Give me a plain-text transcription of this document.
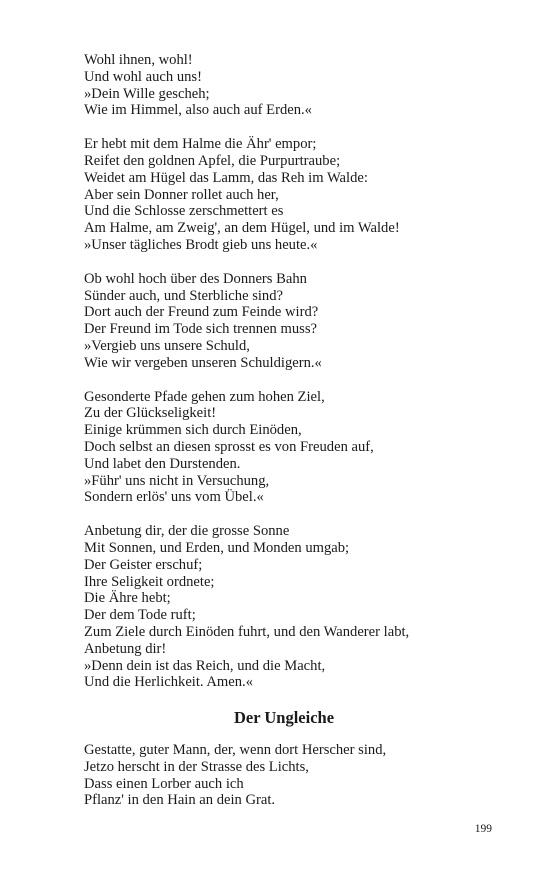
Wohl ihnen, wohl!
Und wohl auch uns!
»Dein Wille gescheh;
Wie im Himmel, also auch auf Erden.«
Er hebt mit dem Halme die Ähr' empor;
Reifet den goldnen Apfel, die Purpurtraube;
Weidet am Hügel das Lamm, das Reh im Walde:
Aber sein Donner rollet auch her,
Und die Schlosse zerschmettert es
Am Halme, am Zweig', an dem Hügel, und im Walde!
»Unser tägliches Brodt gieb uns heute.«
Ob wohl hoch über des Donners Bahn
Sünder auch, und Sterbliche sind?
Dort auch der Freund zum Feinde wird?
Der Freund im Tode sich trennen muss?
»Vergieb uns unsere Schuld,
Wie wir vergeben unseren Schuldigern.«
Gesonderte Pfade gehen zum hohen Ziel,
Zu der Glückseligkeit!
Einige krümmen sich durch Einöden,
Doch selbst an diesen sprosst es von Freuden auf,
Und labet den Durstenden.
»Führ' uns nicht in Versuchung,
Sondern erlös' uns vom Übel.«
Anbetung dir, der die grosse Sonne
Mit Sonnen, und Erden, und Monden umgab;
Der Geister erschuf;
Ihre Seligkeit ordnete;
Die Ähre hebt;
Der dem Tode ruft;
Zum Ziele durch Einöden fuhrt, und den Wanderer labt,
Anbetung dir!
»Denn dein ist das Reich, und die Macht,
Und die Herlichkeit. Amen.«
Der Ungleiche
Gestatte, guter Mann, der, wenn dort Herscher sind,
Jetzo herscht in der Strasse des Lichts,
Dass einen Lorber auch ich
Pflanz' in den Hain an dein Grat.
199
